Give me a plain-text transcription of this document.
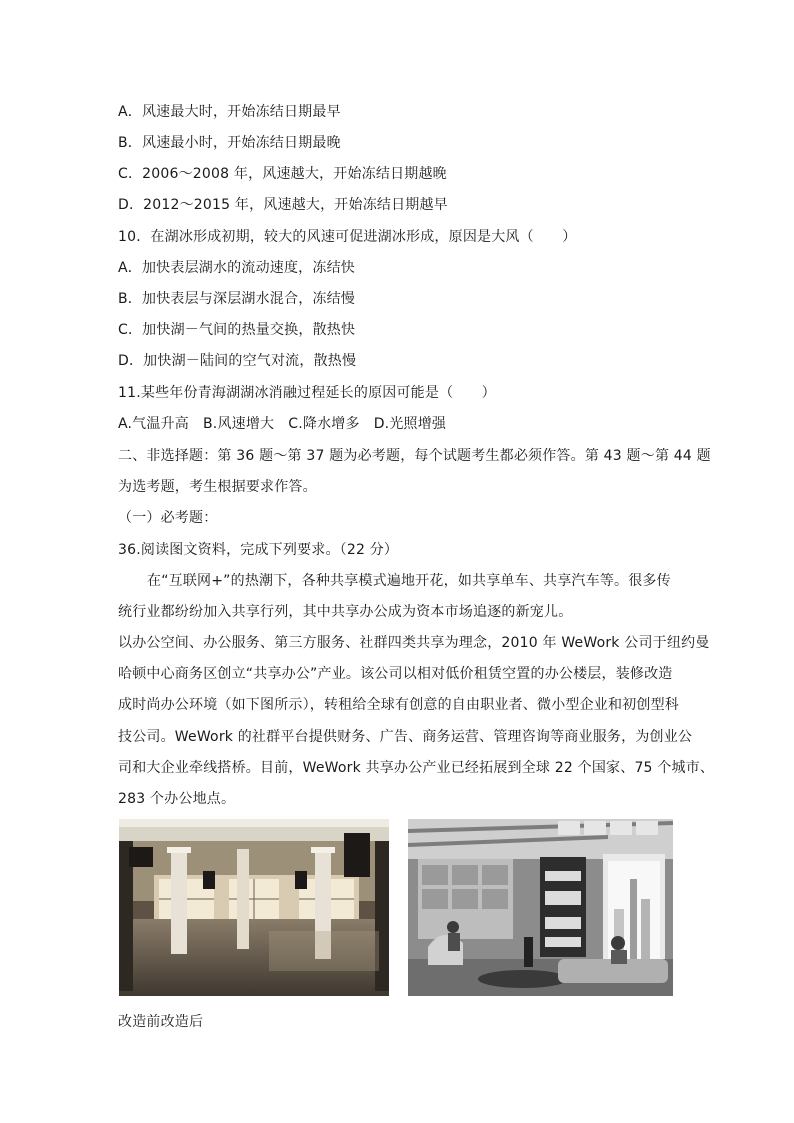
A．风速最大时，开始冻结日期最早
B．风速最小时，开始冻结日期最晚
C．2006～2008 年，风速越大，开始冻结日期越晚
D．2012～2015 年，风速越大，开始冻结日期越早
10．在湖冰形成初期，较大的风速可促进湖冰形成，原因是大风（　　）
A．加快表层湖水的流动速度，冻结快
B．加快表层与深层湖水混合，冻结慢
C．加快湖－气间的热量交换，散热快
D．加快湖－陆间的空气对流，散热慢
11.某些年份青海湖湖冰消融过程延长的原因可能是（　　）
A.气温升高 B.风速增大 C.降水增多 D.光照增强
二、非选择题：第 36 题～第 37 题为必考题，每个试题考生都必须作答。第 43 题～第 44 题
为选考题，考生根据要求作答。
（一）必考题：
36.阅读图文资料，完成下列要求。（22 分）
在“互联网+”的热潮下，各种共享模式遍地开花，如共享单车、共享汽车等。很多传
统行业都纷纷加入共享行列，其中共享办公成为资本市场追逐的新宠儿。
以办公空间、办公服务、第三方服务、社群四类共享为理念，2010 年 WeWork 公司于纽约曼
哈顿中心商务区创立“共享办公”产业。该公司以相对低价租赁空置的办公楼层，装修改造
成时尚办公环境（如下图所示），转租给全球有创意的自由职业者、微小型企业和初创型科
技公司。WeWork 的社群平台提供财务、广告、商务运营、管理咨询等商业服务，为创业公
司和大企业牵线搭桥。目前，WeWork 共享办公产业已经拓展到全球 22 个国家、75 个城市、
283 个办公地点。
改造前改造后
